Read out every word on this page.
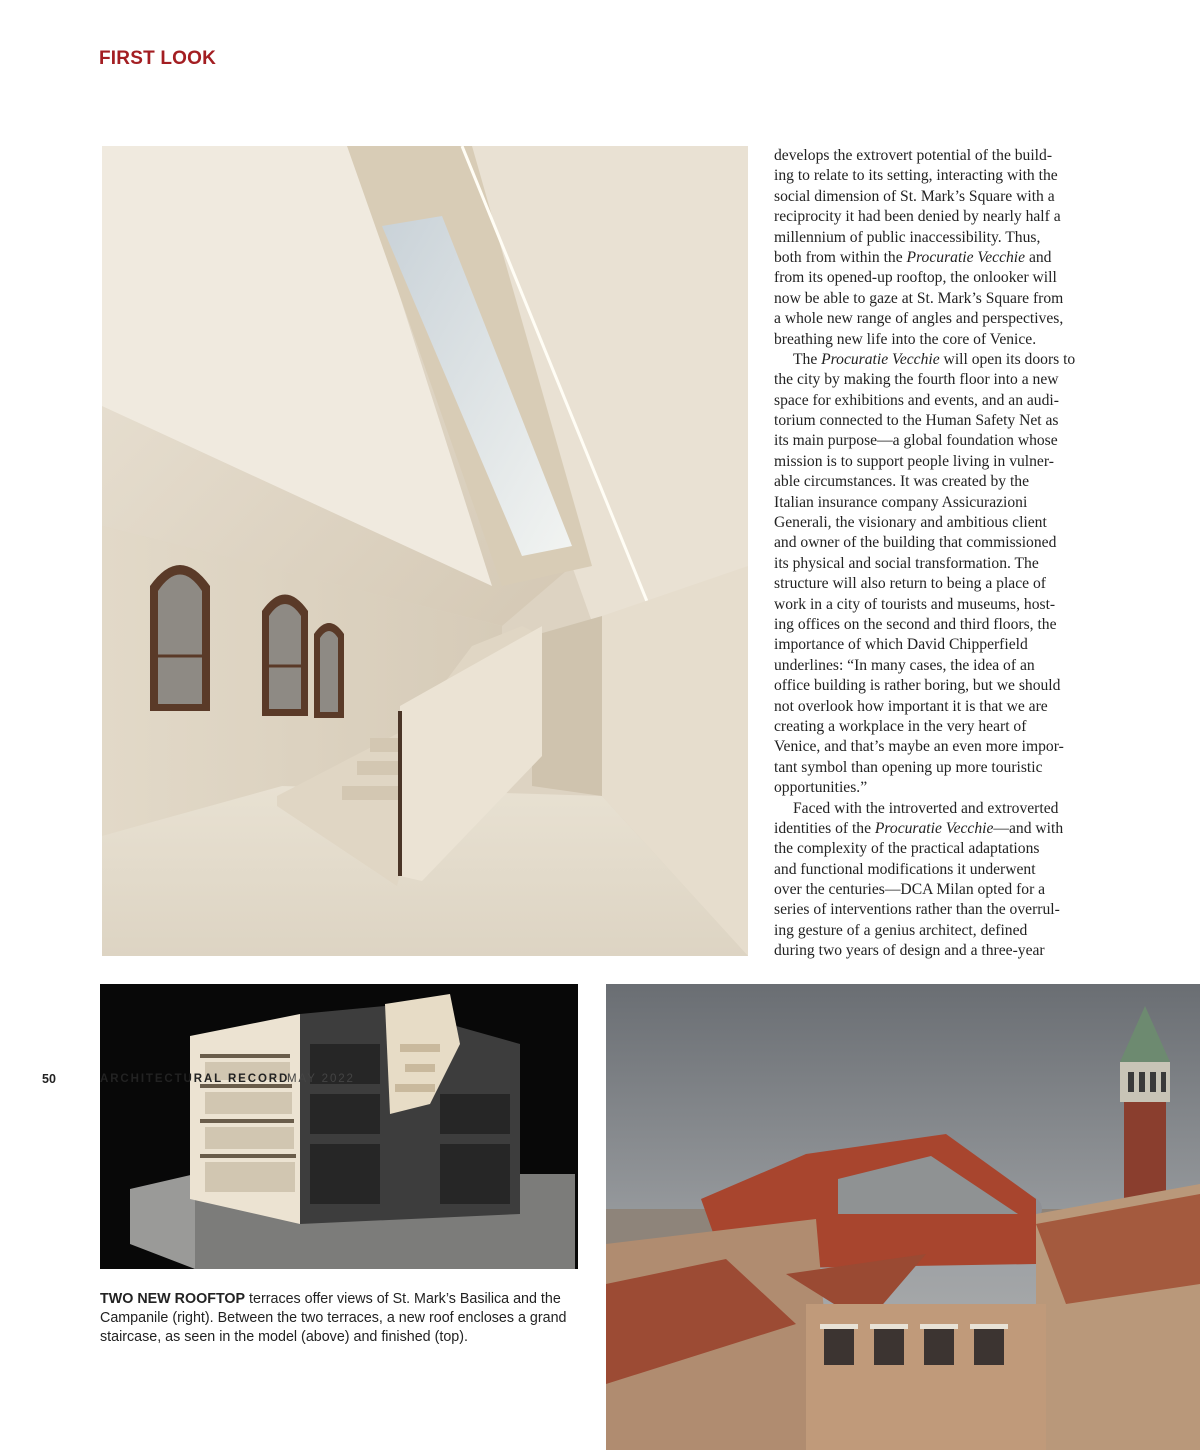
FIRST LOOK
develops the extrovert potential of the build-
ing to relate to its setting, interacting with the
social dimension of St. Mark’s Square with a
reciprocity it had been denied by nearly half a
millennium of public inaccessibility. Thus,
both from within the Procuratie Vecchie and
from its opened-up rooftop, the onlooker will
now be able to gaze at St. Mark’s Square from
a whole new range of angles and perspectives,
breathing new life into the core of Venice.
The Procuratie Vecchie will open its doors to
the city by making the fourth floor into a new
space for exhibitions and events, and an audi-
torium connected to the Human Safety Net as
its main purpose—a global foundation whose
mission is to support people living in vulner-
able circumstances. It was created by the
Italian insurance company Assicurazioni
Generali, the visionary and ambitious client
and owner of the building that commissioned
its physical and social transformation. The
structure will also return to being a place of
work in a city of tourists and museums, host-
ing offices on the second and third floors, the
importance of which David Chipperfield
underlines: “In many cases, the idea of an
office building is rather boring, but we should
not overlook how important it is that we are
creating a workplace in the very heart of
Venice, and that’s maybe an even more impor-
tant symbol than opening up more touristic
opportunities.”
Faced with the introverted and extroverted
identities of the Procuratie Vecchie—and with
the complexity of the practical adaptations
and functional modifications it underwent
over the centuries—DCA Milan opted for a
series of interventions rather than the overrul-
ing gesture of a genius architect, defined
during two years of design and a three-year
TWO NEW ROOFTOP terraces offer views of St. Mark’s Basilica and the
Campanile (right). Between the two terraces, a new roof encloses a grand
staircase, as seen in the model (above) and finished (top).
50	ARCHITECTURAL RECORD
MAY 2022
